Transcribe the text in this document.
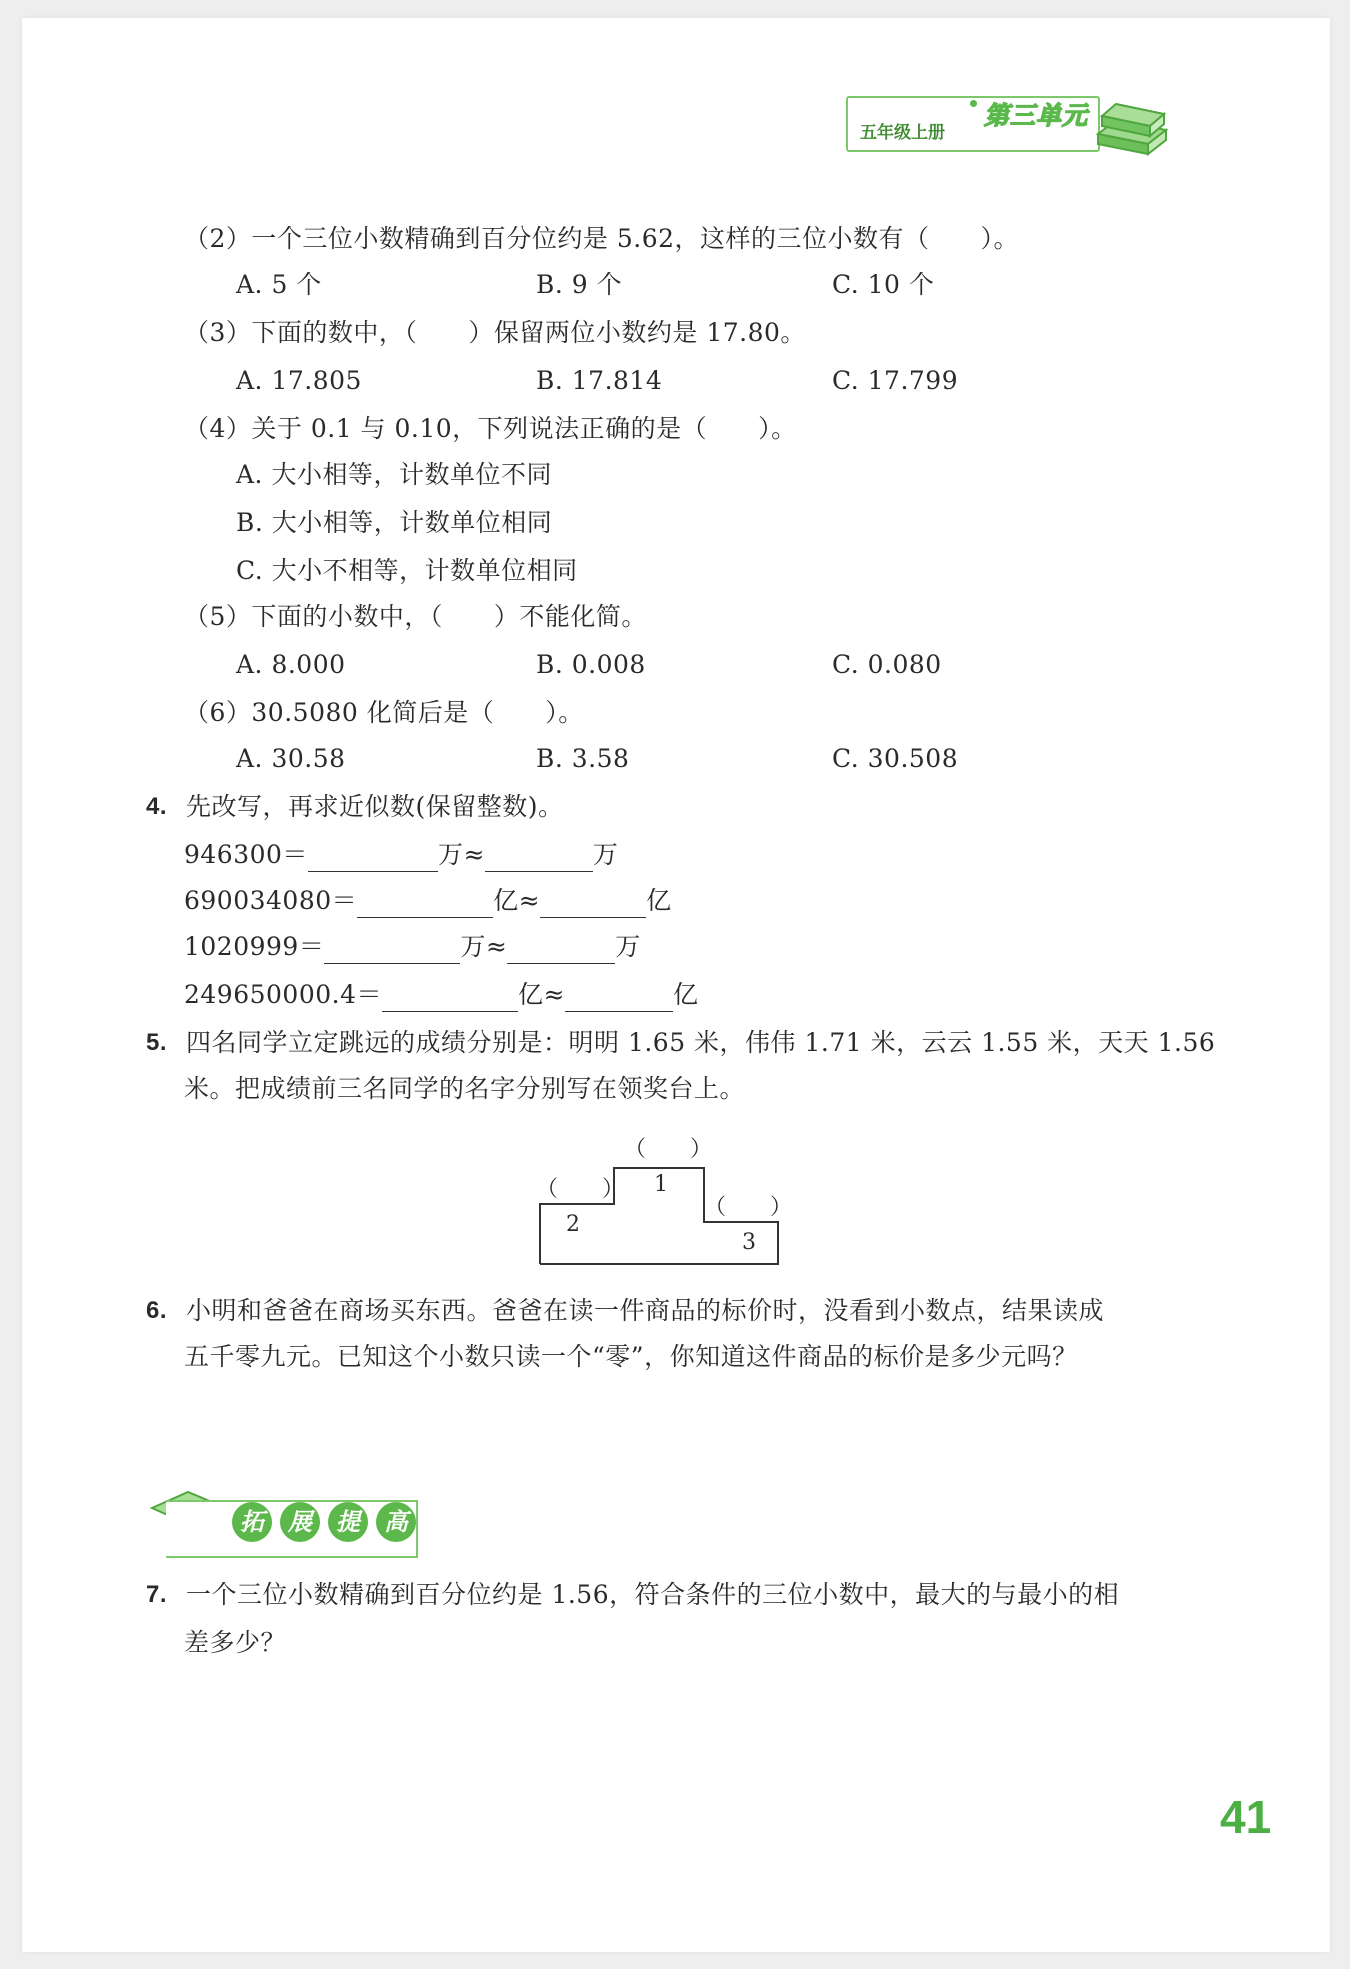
五年级上册
第三单元
（2）一个三位小数精确到百分位约是 5.62，这样的三位小数有（　　）。
A. 5 个	B. 9 个	C. 10 个
（3）下面的数中，（　　）保留两位小数约是 17.80。
A. 17.805	B. 17.814	C. 17.799
（4）关于 0.1 与 0.10，下列说法正确的是（　　）。
A. 大小相等，计数单位不同
B. 大小相等，计数单位相同
C. 大小不相等，计数单位相同
（5）下面的小数中，（　　）不能化简。
A. 8.000	B. 0.008	C. 0.080
（6）30.5080 化简后是（　　）。
A. 30.58	B. 3.58	C. 30.508
4. 先改写，再求近似数(保留整数)。
946300＝	万≈	万
690034080＝	亿≈	亿
1020999＝	万≈	万
249650000.4＝	亿≈	亿
5. 四名同学立定跳远的成绩分别是：明明 1.65 米，伟伟 1.71 米，云云 1.55 米，天天 1.56
米。把成绩前三名同学的名字分别写在领奖台上。
（　　）
1
（　　）
2
（　　）
3
6. 小明和爸爸在商场买东西。爸爸在读一件商品的标价时，没看到小数点，结果读成
五千零九元。已知这个小数只读一个“零”，你知道这件商品的标价是多少元吗？
拓	展	提	高
7. 一个三位小数精确到百分位约是 1.56，符合条件的三位小数中，最大的与最小的相
差多少？
41
